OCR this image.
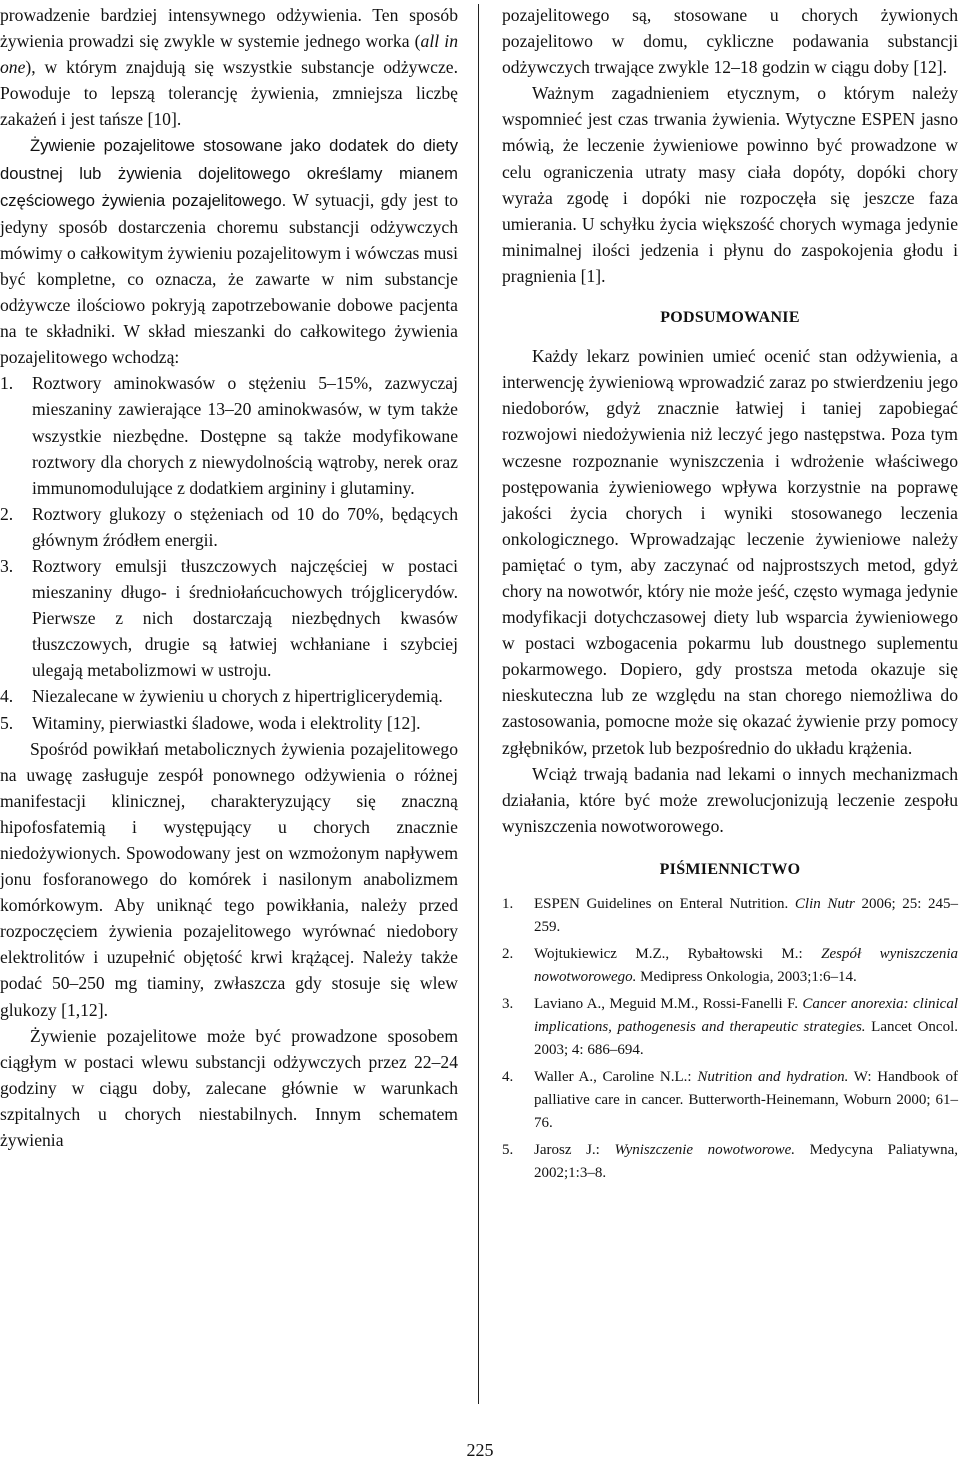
prowadzenie bardziej intensywnego odżywienia. Ten sposób żywienia prowadzi się zwykle w systemie jednego worka (all in one), w którym znajdują się wszystkie substancje odżywcze. Powoduje to lepszą tolerancję żywienia, zmniejsza liczbę zakażeń i jest tańsze [10].

Żywienie pozajelitowe stosowane jako dodatek do diety doustnej lub żywienia dojelitowego określamy mianem częściowego żywienia pozajelitowego. W sytuacji, gdy jest to jedyny sposób dostarczenia choremu substancji odżywczych mówimy o całkowitym żywieniu pozajelitowym i wówczas musi być kompletne, co oznacza, że zawarte w nim substancje odżywcze ilościowo pokryją zapotrzebowanie dobowe pacjenta na te składniki. W skład mieszanki do całkowitego żywienia pozajelitowego wchodzą:

1. Roztwory aminokwasów o stężeniu 5–15%, zazwyczaj mieszaniny zawierające 13–20 aminokwasów, w tym także wszystkie niezbędne. Dostępne są także modyfikowane roztwory dla chorych z niewydolnością wątroby, nerek oraz immunomodulujące z dodatkiem argininy i glutaminy.
2. Roztwory glukozy o stężeniach od 10 do 70%, będących głównym źródłem energii.
3. Roztwory emulsji tłuszczowych najczęściej w postaci mieszaniny długo- i średniołańcuchowych trójglicerydów. Pierwsze z nich dostarczają niezbędnych kwasów tłuszczowych, drugie są łatwiej wchłaniane i szybciej ulegają metabolizmowi w ustroju.
4. Niezalecane w żywieniu u chorych z hipertriglicerydemią.
5. Witaminy, pierwiastki śladowe, woda i elektrolity [12].

Spośród powikłań metabolicznych żywienia pozajelitowego na uwagę zasługuje zespół ponownego odżywienia o różnej manifestacji klinicznej, charakteryzujący się znaczną hipofosfatemią i występujący u chorych znacznie niedożywionych. Spowodowany jest on wzmożonym napływem jonu fosforanowego do komórek i nasilonym anabolizmem komórkowym. Aby uniknąć tego powikłania, należy przed rozpoczęciem żywienia pozajelitowego wyrównać niedobory elektrolitów i uzupełnić objętość krwi krążącej. Należy także podać 50–250 mg tiaminy, zwłaszcza gdy stosuje się wlew glukozy [1,12].

Żywienie pozajelitowe może być prowadzone sposobem ciągłym w postaci wlewu substancji odżywczych przez 22–24 godziny w ciągu doby, zalecane głównie w warunkach szpitalnych u chorych niestabilnych. Innym schematem żywienia

pozajelitowego są, stosowane u chorych żywionych pozajelitowo w domu, cykliczne podawania substancji odżywczych trwające zwykle 12–18 godzin w ciągu doby [12].

Ważnym zagadnieniem etycznym, o którym należy wspomnieć jest czas trwania żywienia. Wytyczne ESPEN jasno mówią, że leczenie żywieniowe powinno być prowadzone w celu ograniczenia utraty masy ciała dopóty, dopóki chory wyraża zgodę i dopóki nie rozpoczęła się jeszcze faza umierania. U schyłku życia większość chorych wymaga jedynie minimalnej ilości jedzenia i płynu do zaspokojenia głodu i pragnienia [1].

PODSUMOWANIE

Każdy lekarz powinien umieć ocenić stan odżywienia, a interwencję żywieniową wprowadzić zaraz po stwierdzeniu jego niedoborów, gdyż znacznie łatwiej i taniej zapobiegać rozwojowi niedożywienia niż leczyć jego następstwa. Poza tym wczesne rozpoznanie wyniszczenia i wdrożenie właściwego postępowania żywieniowego wpływa korzystnie na poprawę jakości życia chorych i wyniki stosowanego leczenia onkologicznego. Wprowadzając leczenie żywieniowe należy pamiętać o tym, aby zaczynać od najprostszych metod, gdyż chory na nowotwór, który nie może jeść, często wymaga jedynie modyfikacji dotychczasowej diety lub wsparcia żywieniowego w postaci wzbogacenia pokarmu lub doustnego suplementu pokarmowego. Dopiero, gdy prostsza metoda okazuje się nieskuteczna lub ze względu na stan chorego niemożliwa do zastosowania, pomocne może się okazać żywienie przy pomocy zgłębników, przetok lub bezpośrednio do układu krążenia.

Wciąż trwają badania nad lekami o innych mechanizmach działania, które być może zrewolucjonizują leczenie zespołu wyniszczenia nowotworowego.

PIŚMIENNICTWO
1. ESPEN Guidelines on Enteral Nutrition. Clin Nutr 2006; 25: 245–259.
2. Wojtukiewicz M.Z., Rybałtowski M.: Zespół wyniszczenia nowotworowego. Medipress Onkologia, 2003;1:6–14.
3. Laviano A., Meguid M.M., Rossi-Fanelli F. Cancer anorexia: clinical implications, pathogenesis and therapeutic strategies. Lancet Oncol. 2003; 4: 686–694.
4. Waller A., Caroline N.L.: Nutrition and hydration. W: Handbook of palliative care in cancer. Butterworth-Heinemann, Woburn 2000; 61–76.
5. Jarosz J.: Wyniszczenie nowotworowe. Medycyna Paliatywna, 2002;1:3–8.
225
